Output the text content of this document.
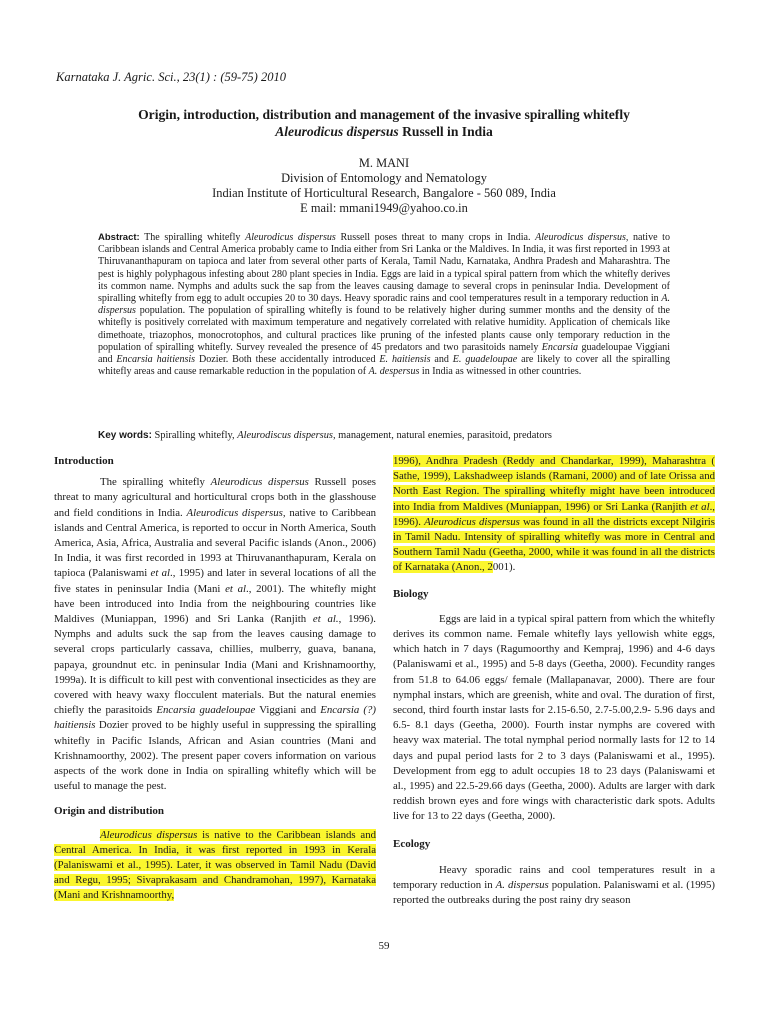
Karnataka J. Agric. Sci., 23(1) : (59-75) 2010
Origin, introduction, distribution and management of the invasive spiralling whitefly
Aleurodicus dispersus Russell in India
M. MANI
Division of Entomology and Nematology
Indian Institute of Horticultural Research, Bangalore - 560 089, India
E mail: mmani1949@yahoo.co.in
Abstract: The spiralling whitefly Aleurodicus dispersus Russell poses threat to many crops in India. Aleurodicus dispersus, native to Caribbean islands and Central America probably came to India either from Sri Lanka or the Maldives. In India, it was first reported in 1993 at Thiruvananthapuram on tapioca and later from several other parts of Kerala, Tamil Nadu, Karnataka, Andhra Pradesh and Maharashtra. The pest is highly polyphagous infesting about 280 plant species in India. Eggs are laid in a typical spiral pattern from which the whitefly derives its common name. Nymphs and adults suck the sap from the leaves causing damage to several crops in peninsular India. Development of spiralling whitefly from egg to adult occupies 20 to 30 days. Heavy sporadic rains and cool temperatures result in a temporary reduction in A. dispersus population. The population of spiralling whitefly is found to be relatively higher during summer months and the density of the whitefly is positively correlated with maximum temperature and negatively correlated with relative humidity. Application of chemicals like dimethoate, triazophos, monocrotophos, and cultural practices like pruning of the infested plants cause only temporary reduction in the population of spiralling whitefly. Survey revealed the presence of 45 predators and two parasitoids namely Encarsia guadeloupae Viggiani and Encarsia haitiensis Dozier. Both these accidentally introduced E. haitiensis and E. guadeloupae are likely to cover all the spiralling whitefly areas and cause remarkable reduction in the population of A. despersus in India as witnessed in other countries.
Key words: Spiralling whitefly, Aleurodiscus dispersus, management, natural enemies, parasitoid, predators

Introduction

The spiralling whitefly Aleurodicus dispersus Russell poses threat to many agricultural and horticultural crops both in the glasshouse and field conditions in India. Aleurodicus dispersus, native to Caribbean islands and Central America, is reported to occur in North America, South America, Asia, Africa, Australia and several Pacific islands (Anon., 2006) In India, it was first recorded in 1993 at Thiruvananthapuram, Kerala on tapioca (Palaniswami et al., 1995) and later in several locations of all the five states in peninsular India (Mani et al., 2001). The whitefly might have been introduced into India from the neighbouring countries like Maldives (Muniappan, 1996) and Sri Lanka (Ranjith et al., 1996). Nymphs and adults suck the sap from the leaves causing damage to several crops particularly cassava, chillies, mulberry, guava, banana, papaya, groundnut etc. in peninsular India (Mani and Krishnamoorthy, 1999a). It is difficult to kill pest with conventional insecticides as they are covered with heavy waxy flocculent materials. But the natural enemies chiefly the parasitoids Encarsia guadeloupae Viggiani and Encarsia (?) haitiensis Dozier proved to be highly useful in suppressing the spiralling whitefly in Pacific Islands, African and Asian countries (Mani and Krishnamoorthy, 2002). The present paper covers information on various aspects of the work done in India on spiralling whitefly which will be useful to manage the pest.

Origin and distribution

Aleurodicus dispersus is native to the Caribbean islands and Central America. In India, it was first reported in 1993 in Kerala (Palaniswami et al., 1995). Later, it was observed in Tamil Nadu (David and Regu, 1995; Sivaprakasam and Chandramohan, 1997), Karnataka (Mani and Krishnamoorthy,

1996), Andhra Pradesh (Reddy and Chandarkar, 1999), Maharashtra ( Sathe, 1999), Lakshadweep islands (Ramani, 2000) and of late Orissa and North East Region. The spiralling whitefly might have been introduced into India from Maldives (Muniappan, 1996) or Sri Lanka (Ranjith et al., 1996). Aleurodicus dispersus was found in all the districts except Nilgiris in Tamil Nadu. Intensity of spiralling whitefly was more in Central and Southern Tamil Nadu (Geetha, 2000, while it was found in all the districts of Karnataka (Anon., 2001).

Biology

Eggs are laid in a typical spiral pattern from which the whitefly derives its common name. Female whitefly lays yellowish white eggs, which hatch in 7 days (Ragumoorthy and Kempraj, 1996) and 4-6 days (Palaniswami et al., 1995) and 5-8 days (Geetha, 2000). Fecundity ranges from 51.8 to 64.06 eggs/ female (Mallapanavar, 2000). There are four nymphal instars, which are greenish, white and oval. The duration of first, second, third fourth instar lasts for 2.15-6.50, 2.7-5.00,2.9- 5.96 days and 6.5- 8.1 days (Geetha, 2000). Fourth instar nymphs are covered with heavy wax material. The total nymphal period normally lasts for 12 to 14 days and pupal period lasts for 2 to 3 days (Palaniswami et al., 1995). Development from egg to adult occupies 18 to 23 days (Palaniswami et al., 1995) and 22.5-29.66 days (Geetha, 2000). Adults are larger with dark reddish brown eyes and fore wings with characteristic dark spots. Adults live for 13 to 22 days (Geetha, 2000).

Ecology

Heavy sporadic rains and cool temperatures result in a temporary reduction in A. dispersus population. Palaniswami et al. (1995) reported the outbreaks during the post rainy dry season

59
